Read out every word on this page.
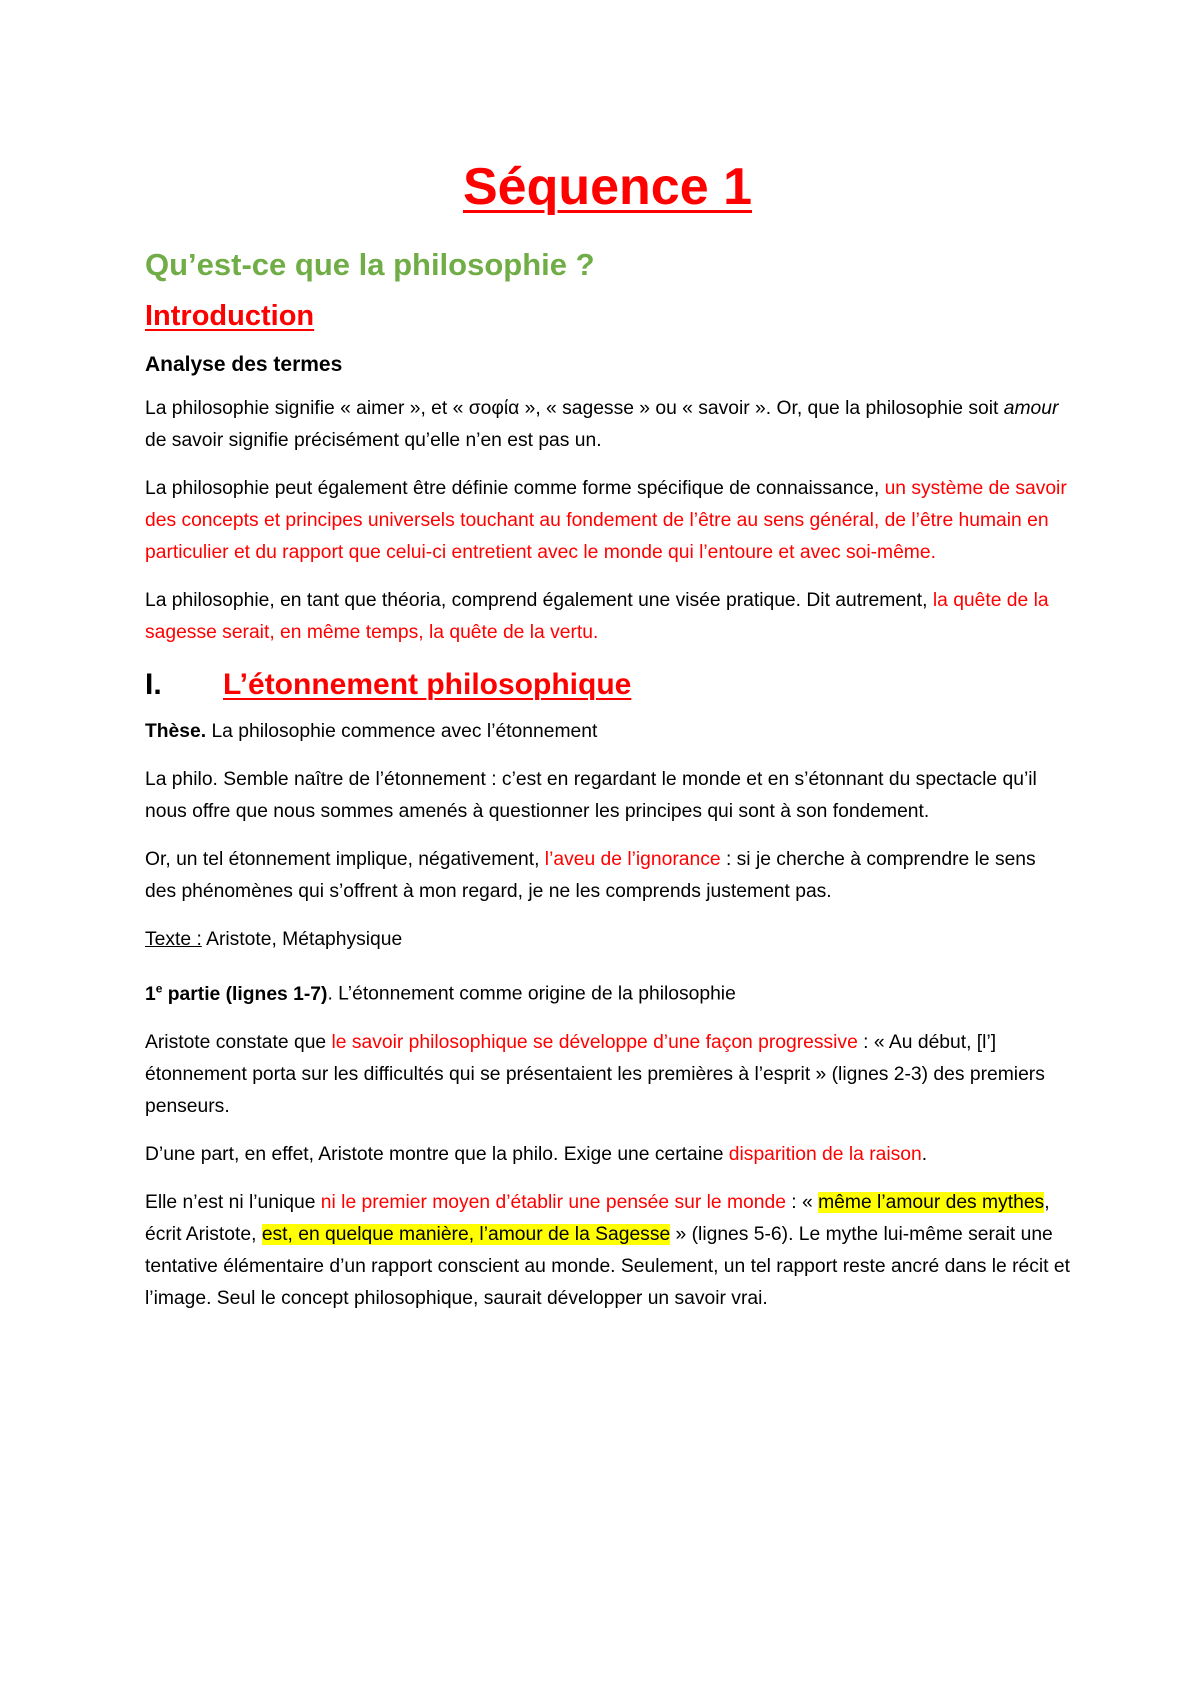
Séquence 1
Qu’est-ce que la philosophie ?
Introduction
Analyse des termes

La philosophie signifie « aimer », et « σοφία », « sagesse » ou « savoir ». Or, que la philosophie soit amour de savoir signifie précisément qu’elle n’en est pas un.

La philosophie peut également être définie comme forme spécifique de connaissance, un système de savoir des concepts et principes universels touchant au fondement de l’être au sens général, de l’être humain en particulier et du rapport que celui-ci entretient avec le monde qui l’entoure et avec soi-même.

La philosophie, en tant que théoria, comprend également une visée pratique. Dit autrement, la quête de la sagesse serait, en même temps, la quête de la vertu.

I.	L’étonnement philosophique

Thèse. La philosophie commence avec l’étonnement

La philo. Semble naître de l’étonnement : c’est en regardant le monde et en s’étonnant du spectacle qu’il nous offre que nous sommes amenés à questionner les principes qui sont à son fondement.

Or, un tel étonnement implique, négativement, l’aveu de l’ignorance : si je cherche à comprendre le sens des phénomènes qui s’offrent à mon regard, je ne les comprends justement pas.

Texte : Aristote, Métaphysique

1e partie (lignes 1-7). L’étonnement comme origine de la philosophie

Aristote constate que le savoir philosophique se développe d’une façon progressive : « Au début, [l’] étonnement porta sur les difficultés qui se présentaient les premières à l’esprit » (lignes 2-3) des premiers penseurs.

D’une part, en effet, Aristote montre que la philo. Exige une certaine disparition de la raison.

Elle n’est ni l’unique ni le premier moyen d’établir une pensée sur le monde : « même l’amour des mythes, écrit Aristote, est, en quelque manière, l’amour de la Sagesse » (lignes 5-6). Le mythe lui-même serait une tentative élémentaire d’un rapport conscient au monde. Seulement, un tel rapport reste ancré dans le récit et l’image. Seul le concept philosophique, saurait développer un savoir vrai.
